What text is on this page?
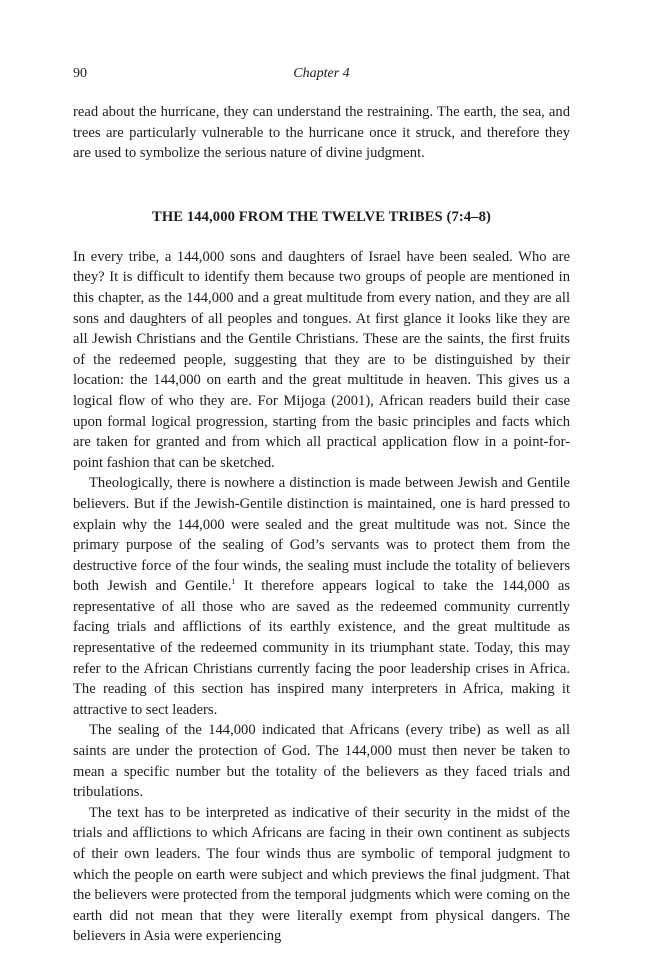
90	Chapter 4

read about the hurricane, they can understand the restraining. The earth, the sea, and trees are particularly vulnerable to the hurricane once it struck, and therefore they are used to symbolize the serious nature of divine judgment.

THE 144,000 FROM THE TWELVE TRIBES (7:4–8)

In every tribe, a 144,000 sons and daughters of Israel have been sealed. Who are they? It is difficult to identify them because two groups of people are mentioned in this chapter, as the 144,000 and a great multitude from every nation, and they are all sons and daughters of all peoples and tongues. At first glance it looks like they are all Jewish Christians and the Gentile Christians. These are the saints, the first fruits of the redeemed people, suggesting that they are to be distinguished by their location: the 144,000 on earth and the great multitude in heaven. This gives us a logical flow of who they are. For Mijoga (2001), African readers build their case upon formal logical progression, starting from the basic principles and facts which are taken for granted and from which all practical application flow in a point-for-point fashion that can be sketched.

Theologically, there is nowhere a distinction is made between Jewish and Gentile believers. But if the Jewish-Gentile distinction is maintained, one is hard pressed to explain why the 144,000 were sealed and the great multitude was not. Since the primary purpose of the sealing of God’s servants was to protect them from the destructive force of the four winds, the sealing must include the totality of believers both Jewish and Gentile.$^1$ It therefore appears logical to take the 144,000 as representative of all those who are saved as the redeemed community currently facing trials and afflictions of its earthly existence, and the great multitude as representative of the redeemed community in its triumphant state. Today, this may refer to the African Christians currently facing the poor leadership crises in Africa. The reading of this section has inspired many interpreters in Africa, making it attractive to sect leaders.

The sealing of the 144,000 indicated that Africans (every tribe) as well as all saints are under the protection of God. The 144,000 must then never be taken to mean a specific number but the totality of the believers as they faced trials and tribulations.

The text has to be interpreted as indicative of their security in the midst of the trials and afflictions to which Africans are facing in their own continent as subjects of their own leaders. The four winds thus are symbolic of temporal judgment to which the people on earth were subject and which previews the final judgment. That the believers were protected from the temporal judgments which were coming on the earth did not mean that they were literally exempt from physical dangers. The believers in Asia were experiencing
